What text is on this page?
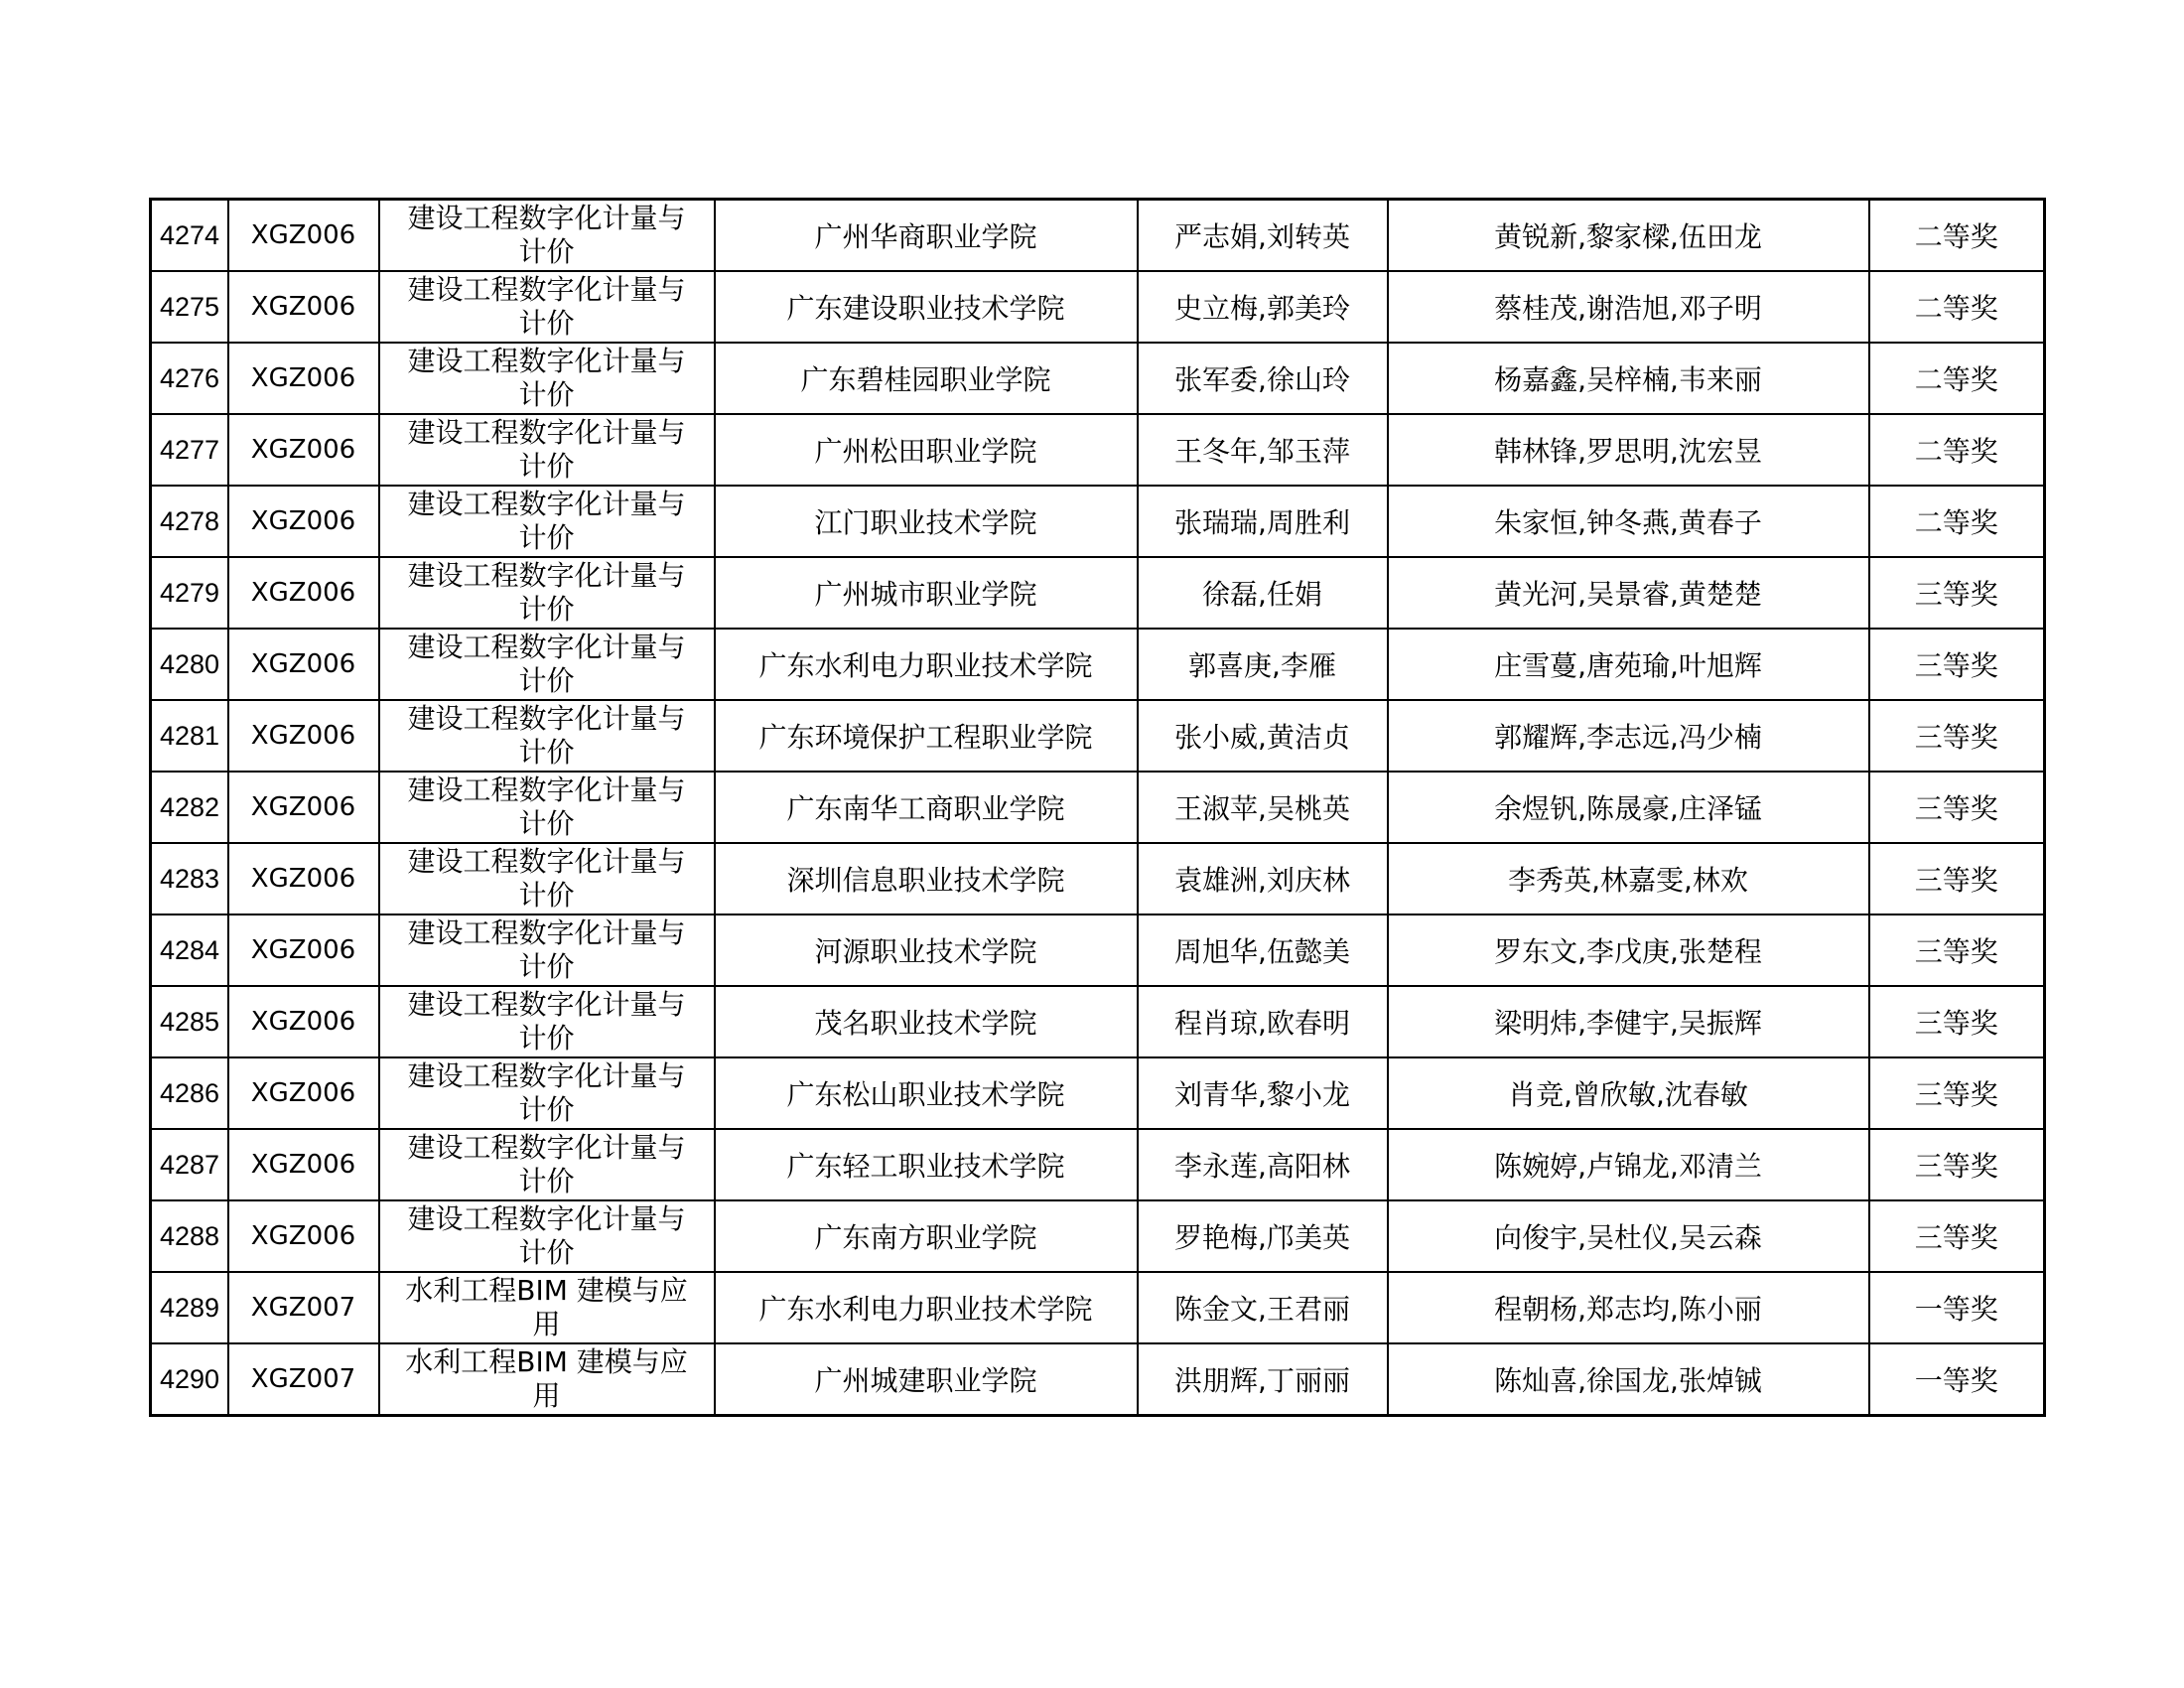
4274	XGZ006	建设工程数字化计量与
计价	广州华商职业学院	严志娟,刘转英	黄锐新,黎家樑,伍田龙	二等奖
4275	XGZ006	建设工程数字化计量与
计价	广东建设职业技术学院	史立梅,郭美玲	蔡桂茂,谢浩旭,邓子明	二等奖
4276	XGZ006	建设工程数字化计量与
计价	广东碧桂园职业学院	张军委,徐山玲	杨嘉鑫,吴梓楠,韦来丽	二等奖
4277	XGZ006	建设工程数字化计量与
计价	广州松田职业学院	王冬年,邹玉萍	韩林锋,罗思明,沈宏昱	二等奖
4278	XGZ006	建设工程数字化计量与
计价	江门职业技术学院	张瑞瑞,周胜利	朱家恒,钟冬燕,黄春子	二等奖
4279	XGZ006	建设工程数字化计量与
计价	广州城市职业学院	徐磊,任娟	黄光河,吴景睿,黄楚楚	三等奖
4280	XGZ006	建设工程数字化计量与
计价	广东水利电力职业技术学院	郭喜庚,李雁	庄雪蔓,唐苑瑜,叶旭辉	三等奖
4281	XGZ006	建设工程数字化计量与
计价	广东环境保护工程职业学院	张小威,黄洁贞	郭耀辉,李志远,冯少楠	三等奖
4282	XGZ006	建设工程数字化计量与
计价	广东南华工商职业学院	王淑苹,吴桃英	余煜钒,陈晟豪,庄泽锰	三等奖
4283	XGZ006	建设工程数字化计量与
计价	深圳信息职业技术学院	袁雄洲,刘庆林	李秀英,林嘉雯,林欢	三等奖
4284	XGZ006	建设工程数字化计量与
计价	河源职业技术学院	周旭华,伍懿美	罗东文,李戊庚,张楚程	三等奖
4285	XGZ006	建设工程数字化计量与
计价	茂名职业技术学院	程肖琼,欧春明	梁明炜,李健宇,吴振辉	三等奖
4286	XGZ006	建设工程数字化计量与
计价	广东松山职业技术学院	刘青华,黎小龙	肖竞,曾欣敏,沈春敏	三等奖
4287	XGZ006	建设工程数字化计量与
计价	广东轻工职业技术学院	李永莲,高阳林	陈婉婷,卢锦龙,邓清兰	三等奖
4288	XGZ006	建设工程数字化计量与
计价	广东南方职业学院	罗艳梅,邝美英	向俊宇,吴杜仪,吴云森	三等奖
4289	XGZ007	水利工程BIM 建模与应
用	广东水利电力职业技术学院	陈金文,王君丽	程朝杨,郑志均,陈小丽	一等奖
4290	XGZ007	水利工程BIM 建模与应
用	广州城建职业学院	洪朋辉,丁丽丽	陈灿喜,徐国龙,张焯铖	一等奖
